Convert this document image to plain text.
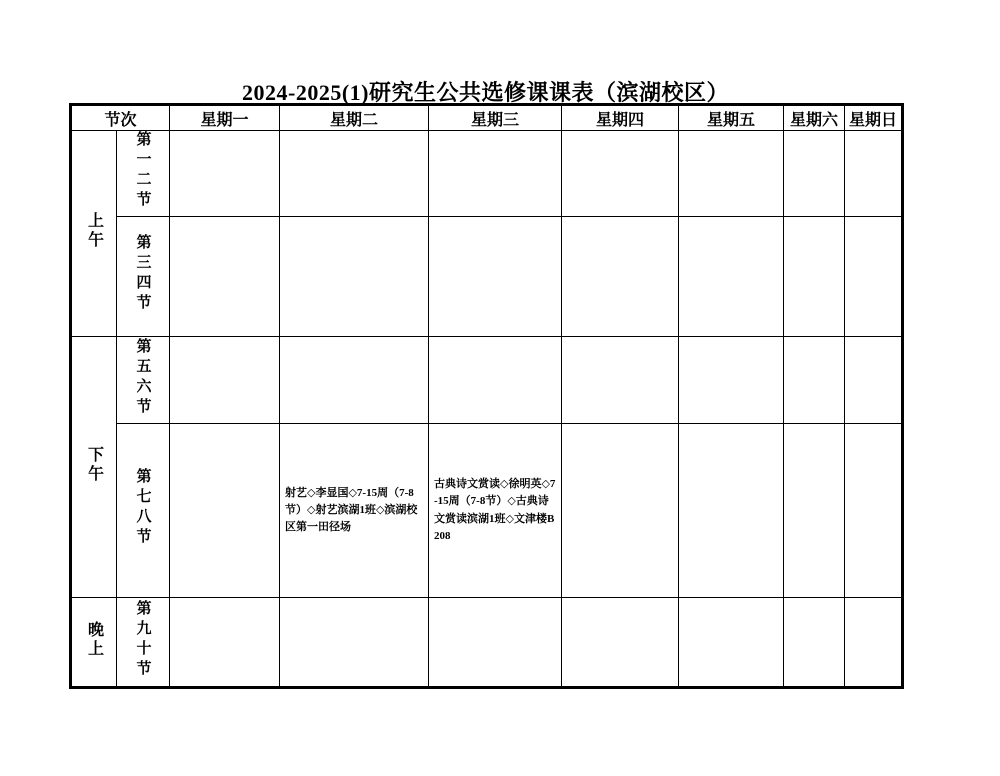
2024-2025(1)研究生公共选修课课表（滨湖校区）
节次		星期一	星期二	星期三	星期四	星期五	星期六	星期日
上午	第一二节							
	第三四节							
下午	第五六节							
	第七八节		射艺◇李显国◇7-15周（7-8节）◇射艺滨湖1班◇滨湖校区第一田径场	古典诗文赏读◇徐明英◇7-15周（7-8节）◇古典诗文赏读滨湖1班◇文津楼B208				

晚上	第九十节							
